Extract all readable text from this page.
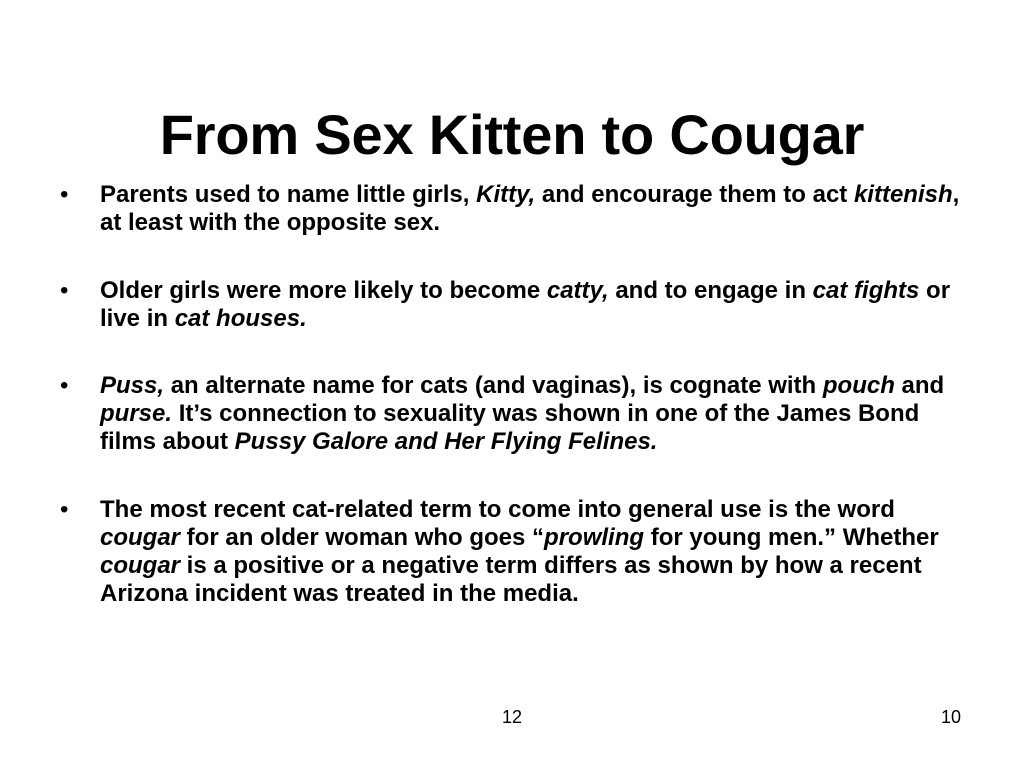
From Sex Kitten to Cougar
• Parents used to name little girls, Kitty, and encourage them to act kittenish, at least with the opposite sex.
• Older girls were more likely to become catty, and to engage in cat fights or live in cat houses.
• Puss, an alternate name for cats (and vaginas), is cognate with pouch and purse. It’s connection to sexuality was shown in one of the James Bond films about Pussy Galore and Her Flying Felines.
• The most recent cat-related term to come into general use is the word cougar for an older woman who goes “prowling for young men.” Whether cougar is a positive or a negative term differs as shown by how a recent Arizona incident was treated in the media.
12	10
